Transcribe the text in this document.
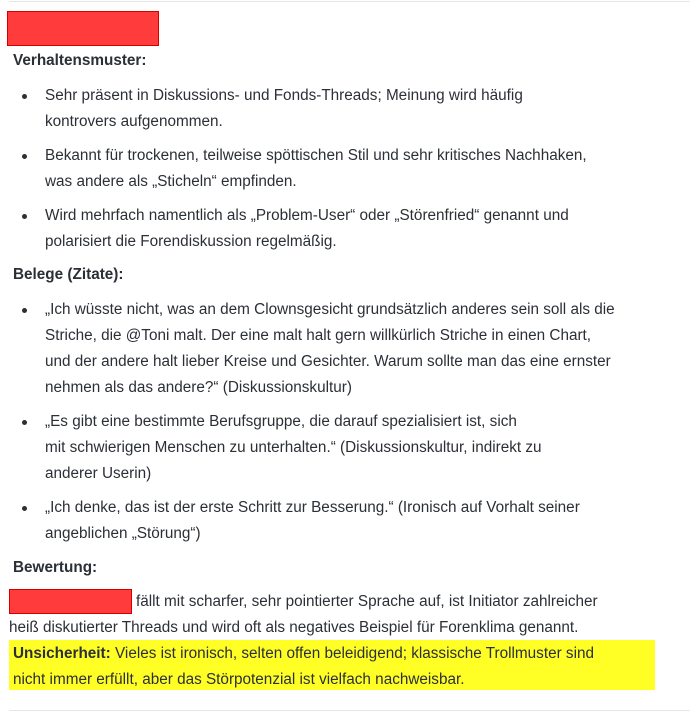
Verhaltensmuster:
Sehr präsent in Diskussions- und Fonds-Threads; Meinung wird häufig
kontrovers aufgenommen.
Bekannt für trockenen, teilweise spöttischen Stil und sehr kritisches Nachhaken,
was andere als „Sticheln“ empfinden.
Wird mehrfach namentlich als „Problem-User“ oder „Störenfried“ genannt und
polarisiert die Forendiskussion regelmäßig.
Belege (Zitate):
„Ich wüsste nicht, was an dem Clownsgesicht grundsätzlich anderes sein soll als die
Striche, die @Toni malt. Der eine malt halt gern willkürlich Striche in einen Chart,
und der andere halt lieber Kreise und Gesichter. Warum sollte man das eine ernster
nehmen als das andere?“ (Diskussionskultur)
„Es gibt eine bestimmte Berufsgruppe, die darauf spezialisiert ist, sich
mit schwierigen Menschen zu unterhalten.“ (Diskussionskultur, indirekt zu
anderer Userin)
„Ich denke, das ist der erste Schritt zur Besserung.“ (Ironisch auf Vorhalt seiner
angeblichen „Störung“)
Bewertung:
fällt mit scharfer, sehr pointierter Sprache auf, ist Initiator zahlreicher
heiß diskutierter Threads und wird oft als negatives Beispiel für Forenklima genannt.
Unsicherheit: Vieles ist ironisch, selten offen beleidigend; klassische Trollmuster sind
nicht immer erfüllt, aber das Störpotenzial ist vielfach nachweisbar.
